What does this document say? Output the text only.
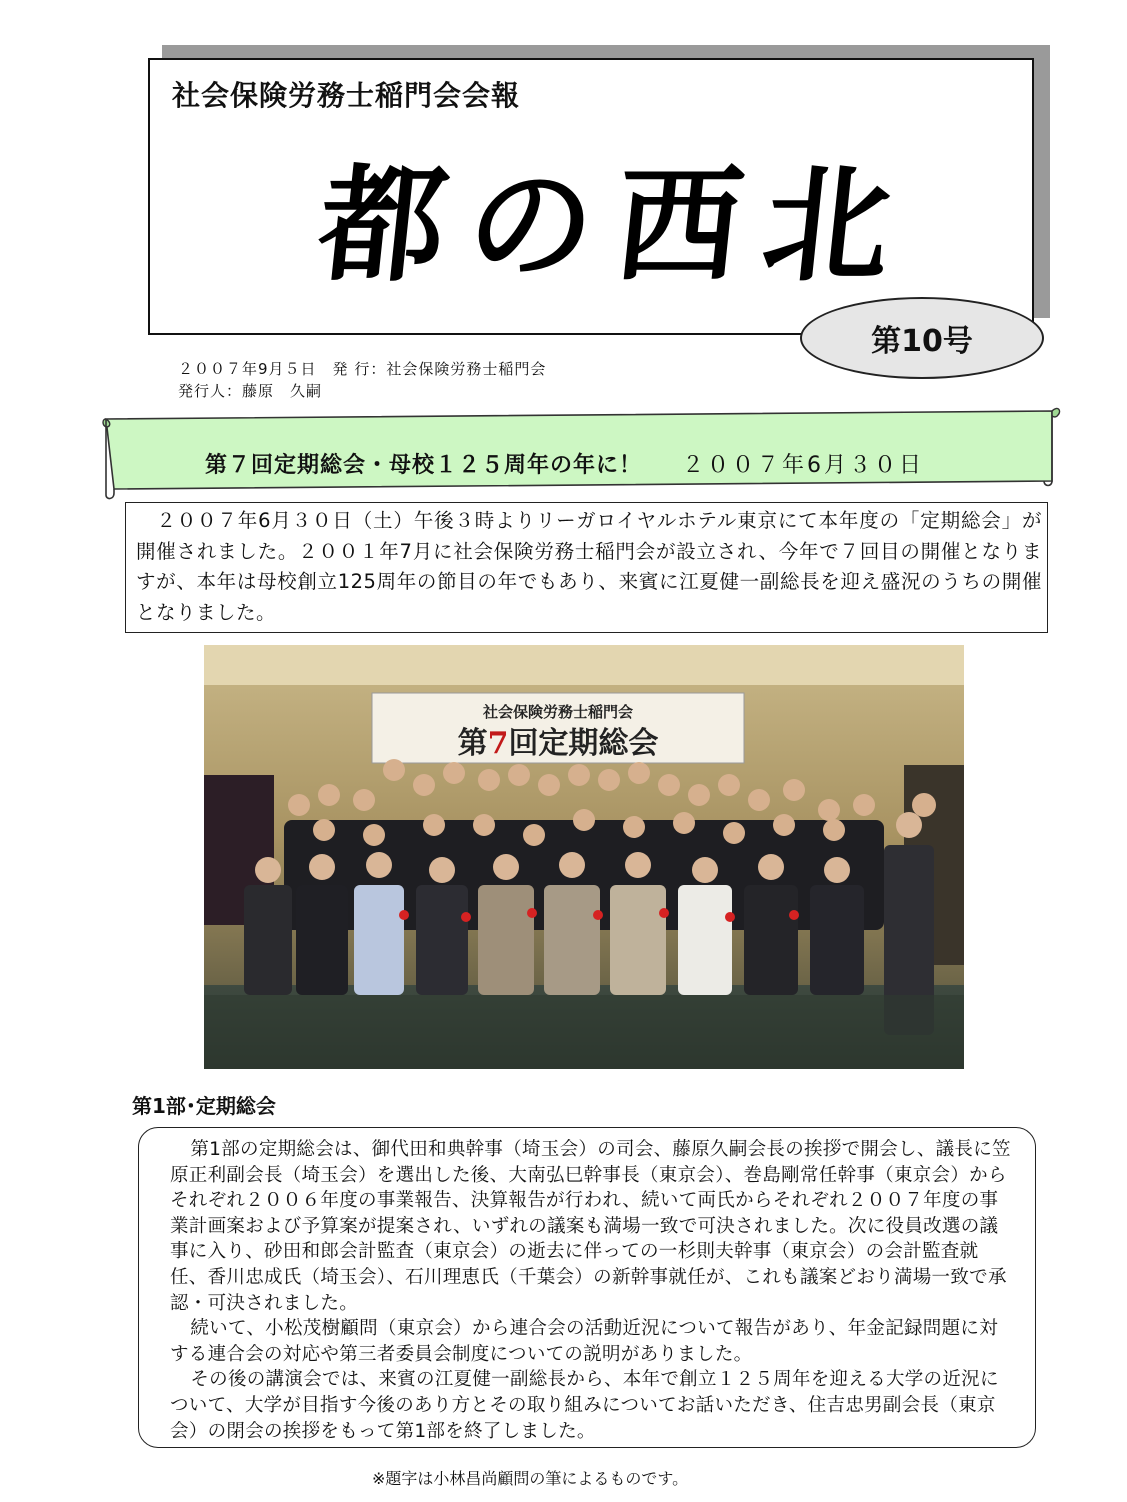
社会保険労務士稲門会会報
都の西北
第10号
２００７年9月５日　発 行：社会保険労務士稲門会
発行人：藤原　久嗣
第７回定期総会・母校１２５周年の年に！ ２００７年6月３０日
　２００７年6月３０日（土）午後３時よりリーガロイヤルホテル東京にて本年度の「定期総会」が開催されました。２００１年7月に社会保険労務士稲門会が設立され、今年で７回目の開催となりますが、本年は母校創立125周年の節目の年でもあり、来賓に江夏健一副総長を迎え盛況のうちの開催となりました。
社会保険労務士稲門会
第7回定期総会
第1部･定期総会

第1部の定期総会は、御代田和典幹事（埼玉会）の司会、藤原久嗣会長の挨拶で開会し、議長に笠原正利副会長（埼玉会）を選出した後、大南弘巳幹事長（東京会）、巻島剛常任幹事（東京会）からそれぞれ２００６年度の事業報告、決算報告が行われ、続いて両氏からそれぞれ２００７年度の事業計画案および予算案が提案され、いずれの議案も満場一致で可決されました。次に役員改選の議事に入り、砂田和郎会計監査（東京会）の逝去に伴っての一杉則夫幹事（東京会）の会計監査就任、香川忠成氏（埼玉会）、石川理恵氏（千葉会）の新幹事就任が、これも議案どおり満場一致で承認・可決されました。

続いて、小松茂樹顧問（東京会）から連合会の活動近況について報告があり、年金記録問題に対する連合会の対応や第三者委員会制度についての説明がありました。

その後の講演会では、来賓の江夏健一副総長から、本年で創立１２５周年を迎える大学の近況について、大学が目指す今後のあり方とその取り組みについてお話いただき、住吉忠男副会長（東京会）の閉会の挨拶をもって第1部を終了しました。

※題字は小林昌尚顧問の筆によるものです。
